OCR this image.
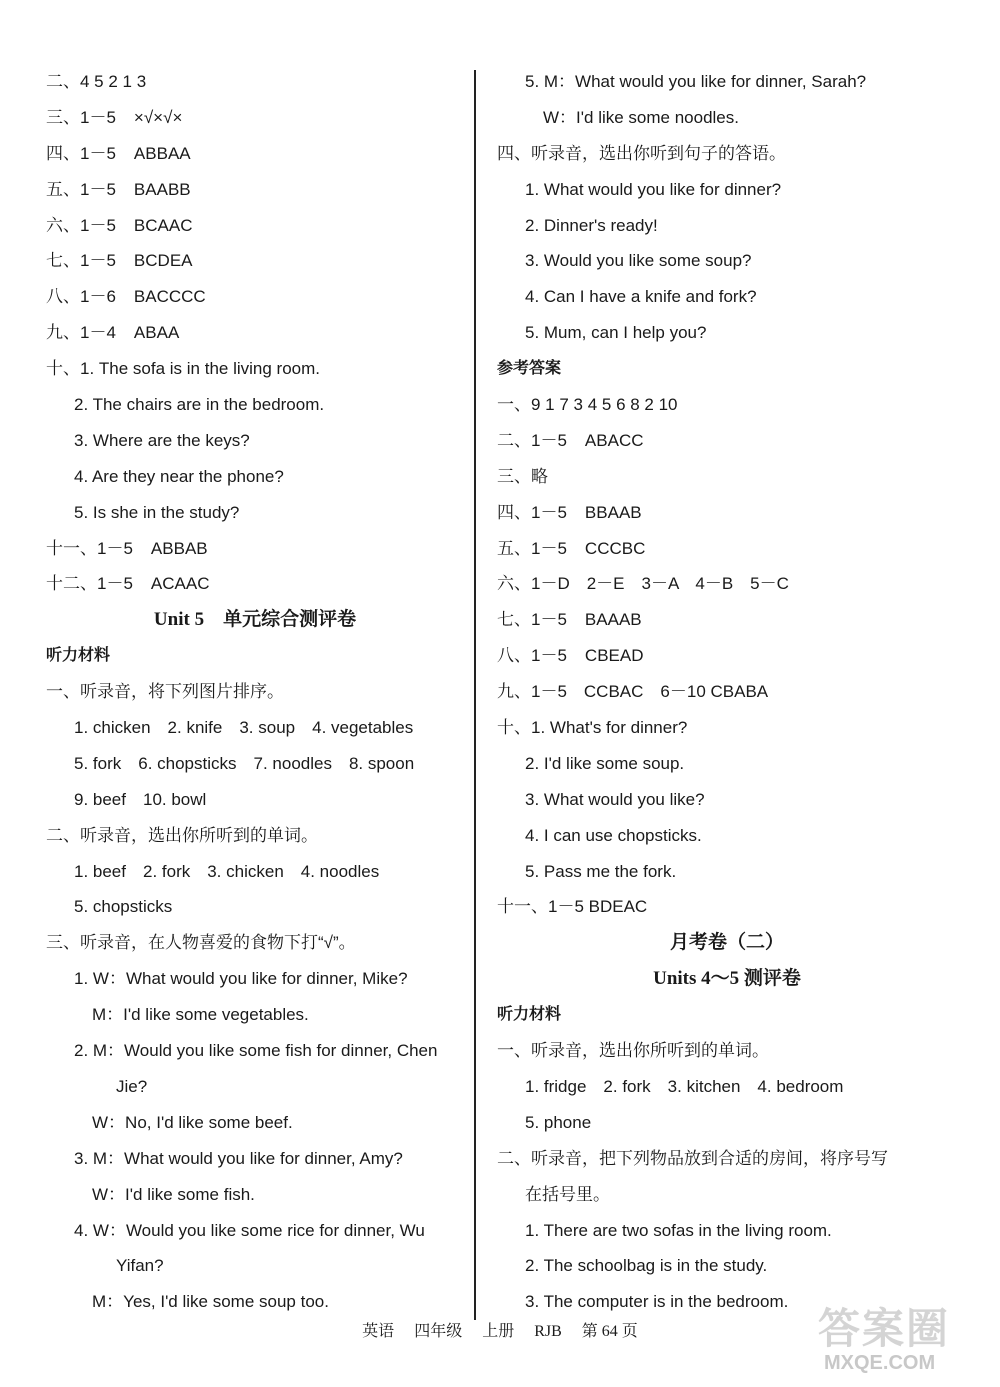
二、4 5 2 1 3
三、1－5 ×√×√×
四、1－5 ABBAA
五、1－5 BAABB
六、1－5 BCAAC
七、1－5 BCDEA
八、1－6 BACCCC
九、1－4 ABAA
十、1. The sofa is in the living room.
2. The chairs are in the bedroom.
3. Where are the keys?
4. Are they near the phone?
5. Is she in the study?
十一、1－5 ABBAB
十二、1－5 ACAAC
Unit 5　单元综合测评卷
听力材料
一、听录音，将下列图片排序。
1. chicken　2. knife　3. soup　4. vegetables
5. fork　6. chopsticks　7. noodles　8. spoon
9. beef　10. bowl
二、听录音，选出你所听到的单词。
1. beef　2. fork　3. chicken　4. noodles
5. chopsticks
三、听录音，在人物喜爱的食物下打“√”。
1. W：What would you like for dinner, Mike?
M：I'd like some vegetables.
2. M：Would you like some fish for dinner, Chen
Jie?
W：No, I'd like some beef.
3. M：What would you like for dinner, Amy?
W：I'd like some fish.
4. W：Would you like some rice for dinner, Wu
Yifan?
M：Yes, I'd like some soup too.
5. M：What would you like for dinner, Sarah?
W：I'd like some noodles.
四、听录音，选出你听到句子的答语。
1. What would you like for dinner?
2. Dinner's ready!
3. Would you like some soup?
4. Can I have a knife and fork?
5. Mum, can I help you?
参考答案
一、9 1 7 3 4 5 6 8 2 10
二、1－5 ABACC
三、略
四、1－5 BBAAB
五、1－5 CCCBC
六、1－D　2－E　3－A　4－B　5－C
七、1－5 BAAAB
八、1－5 CBEAD
九、1－5　CCBAC　6－10 CBABA
十、1. What's for dinner?
2. I'd like some soup.
3. What would you like?
4. I can use chopsticks.
5. Pass me the fork.
十一、1－5 BDEAC
月考卷（二）
Units 4～5 测评卷
听力材料
一、听录音，选出你所听到的单词。
1. fridge　2. fork　3. kitchen　4. bedroom
5. phone
二、听录音，把下列物品放到合适的房间，将序号写
在括号里。
1. There are two sofas in the living room.
2. The schoolbag is in the study.
3. The computer is in the bedroom.
英语 四年级 上册 RJB 第 64 页	答案圈
MXQE.COM
